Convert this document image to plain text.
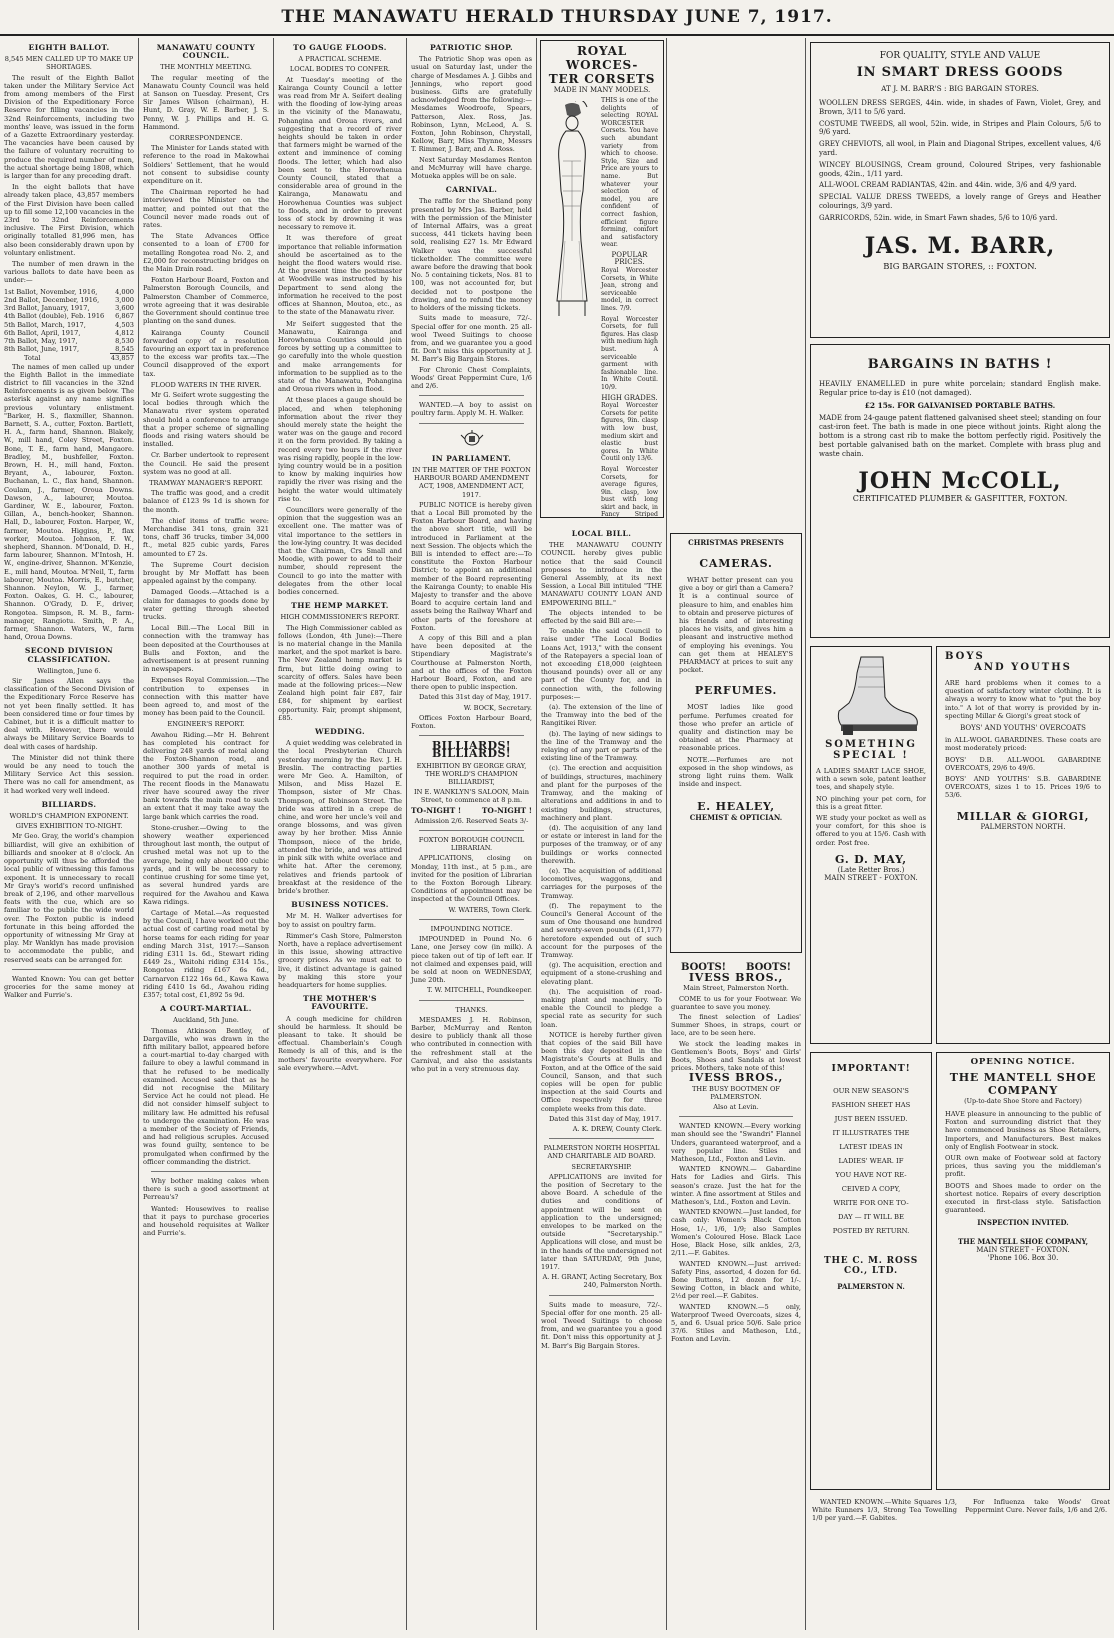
THE MANAWATU HERALD THURSDAY JUNE 7, 1917.
EIGHTH BALLOT.
8,545 MEN CALLED UP TO MAKE UP SHORTAGES.

The result of the Eighth Ballot taken under the Military Service Act from among members of the First Division of the Expeditionary Force Reserve for filling vacancies in the 32nd Reinforcements, including two months' leave, was issued in the form of a Gazette Extraordinary yesterday. The vacancies have been caused by the failure of voluntary recruiting to produce the required number of men, the actual shortage being 1808, which is larger than for any preceding draft.

In the eight ballots that have already taken place, 43,857 members of the First Division have been called up to fill some 12,100 vacancies in the 23rd to 32nd Reinforcements inclusive. The First Division, which originally totalled 81,996 men, has also been considerably drawn upon by voluntary enlistment.

The number of men drawn in the various ballots to date have been as under:—

1st Ballot, November, 1916,	4,000
2nd Ballot, December, 1916,	3,000
3rd Ballot, January, 1917,	3,600
4th Ballot (double), Feb. 1916	6,867
5th Ballot, March, 1917,	4,503
6th Ballot, April, 1917,	4,812
7th Ballot, May, 1917,	8,530
8th Ballot, June, 1917,	8,545
Total	43,857

The names of men called up under the Eighth Ballot in the immediate district to fill vacancies in the 32nd Reinforcements is as given below. The asterisk against any name signifies previous voluntary enlistment. "Barker, H. S., flaxmiller, Shannon. Barnett, S. A., cutter, Foxton. Bartlett, H. A., farm hand, Shannon. Blakely, W., mill hand, Coley Street, Foxton. Bone, T. E., farm hand, Mangaore. Bradley, M., bushfeller, Foxton. Brown, H. H., mill hand, Foxton. Bryant, A., labourer, Foxton. Buchanan, L. C., flax hand, Shannon. Coulam, J., farmer, Oroua Downs. Dawson, A., labourer, Moutoa. Gardiner, W. E., labourer, Foxton. Gillan, A., bench-hooker, Shannon. Hall, D., labourer, Foxton. Harper, W., farmer, Moutoa. Higgins, P., flax worker, Moutoa. Johnson, F. W., shepherd, Shannon. M'Donald, D. H., farm labourer, Shannon. M'Intosh, H. W., engine-driver, Shannon. M'Kenzie, E., mill hand, Moutoa. M'Neil, T., farm labourer, Moutoa. Morris, E., butcher, Shannon. Neylon, W. J., farmer, Foxton. Oakes, G. H. C., labourer, Shannon. O'Grady, D. F., driver, Rongotea. Simpson, R. M. B., farm-manager, Rangiotu. Smith, P. A., farmer, Shannon. Waters, W., farm hand, Oroua Downs.

SECOND DIVISION CLASSIFICATION.
Wellington, June 6.

Sir James Allen says the classification of the Second Division of the Expeditionary Force Reserve has not yet been finally settled. It has been considered time or four times by Cabinet, but it is a difficult matter to deal with. However, there would always be Military Service Boards to deal with cases of hardship.

The Minister did not think there would be any need to touch the Military Service Act this session. There was no call for amendment, as it had worked very well indeed.

BILLIARDS.
WORLD'S CHAMPION EXPONENT.
GIVES EXHIBITION TO-NIGHT.

Mr Geo. Gray, the world's champion billiardist, will give an exhibition of billiards and snooker at 8 o'clock. An opportunity will thus be afforded the local public of witnessing this famous exponent. It is unnecessary to recall Mr Gray's world's record unfinished break of 2,196, and other marvellous feats with the cue, which are so familiar to the public the wide world over. The Foxton public is indeed fortunate in this being afforded the opportunity of witnessing Mr Gray at play. Mr Wanklyn has made provision to accommodate the public, and reserved seats can be arranged for.

Wanted Known: You can get better groceries for the same money at Walker and Furrie's.

MANAWATU COUNTY COUNCIL.
THE MONTHLY MEETING.

The regular meeting of the Manawatu County Council was held at Sanson on Tuesday. Present, Crs Sir James Wilson (chairman), H. Hunt, D. Gray, W. E. Barber, J. S. Penny, W. J. Phillips and H. G. Hammond.

CORRESPONDENCE.

The Minister for Lands stated with reference to the road in Makowhai Soldiers' Settlement, that he would not consent to subsidise county expenditure on it.

The Chairman reported he had interviewed the Minister on the matter, and pointed out that the Council never made roads out of rates.

The State Advances Office consented to a loan of £700 for metalling Rongotea road No. 2, and £2,000 for reconstructing bridges on the Main Drain road.

Foxton Harbour Board, Foxton and Palmerston Borough Councils, and Palmerston Chamber of Commerce, wrote agreeing that it was desirable the Government should continue tree planting on the sand dunes.

Kairanga County Council forwarded copy of a resolution favouring an export tax in preference to the excess war profits tax.—The Council disapproved of the export tax.

FLOOD WATERS IN THE RIVER.

Mr G. Seifert wrote suggesting the local bodies through which the Manawatu river system operated should hold a conference to arrange that a proper scheme of signalling floods and rising waters should be installed.

Cr. Barber undertook to represent the Council. He said the present system was no good at all.

TRAMWAY MANAGER'S REPORT.

The traffic was good, and a credit balance of £123 9s 1d is shown for the month.

The chief items of traffic were: Merchandise 341 tons, grain 321 tons, chaff 36 trucks, timber 34,000 ft., metal 825 cubic yards, Fares amounted to £7 2s.

The Supreme Court decision brought by Mr Moffatt has been appealed against by the company.

Damaged Goods.—Attached is a claim for damages to goods done by water getting through sheeted trucks.

Local Bill.—The Local Bill in connection with the tramway has been deposited at the Courthouses at Bulls and Foxton, and the advertisement is at present running in newspapers.

Expenses Royal Commission.—The contribution to expenses in connection with this matter have been agreed to, and most of the money has been paid to the Council.

ENGINEER'S REPORT.

Awahou Riding.—Mr H. Behrent has completed his contract for delivering 248 yards of metal along the Foxton-Shannon road, and another 300 yards of metal is required to put the road in order. The recent floods in the Manawatu river have scoured away the river bank towards the main road to such an extent that it may take away the large bank which carries the road.

Stone-crusher.—Owing to the showery weather experienced throughout last month, the output of crushed metal was not up to the average, being only about 800 cubic yards, and it will be necessary to continue crushing for some time yet, as several hundred yards are required for the Awahou and Kawa Kawa ridings.

Cartage of Metal.—As requested by the Council, I have worked out the actual cost of carting road metal by horse teams for each riding for year ending March 31st, 1917:—Sanson riding £311 1s. 6d., Stewart riding £449 2s., Waitohi riding £314 15s., Rongotea riding £167 6s 6d., Carnarvon £122 16s 6d., Kawa Kawa riding £410 1s 6d., Awahou riding £357; total cost, £1,892 5s 9d.

A COURT-MARTIAL.
Auckland, 5th June.

Thomas Atkinson Bentley, of Dargaville, who was drawn in the fifth military ballot, appeared before a court-martial to-day charged with failure to obey a lawful command in that he refused to be medically examined. Accused said that as he did not recognise the Military Service Act he could not plead. He did not consider himself subject to military law. He admitted his refusal to undergo the examination. He was a member of the Society of Friends, and had religious scruples. Accused was found guilty, sentence to be promulgated when confirmed by the officer commanding the district.

Why bother making cakes when there is such a good assortment at Perreau's?

Wanted: Housewives to realise that it pays to purchase groceries and household requisites at Walker and Furrie's.

TO GAUGE FLOODS.
A PRACTICAL SCHEME.
LOCAL BODIES TO CONFER.

At Tuesday's meeting of the Kairanga County Council a letter was read from Mr A. Seifert dealing with the flooding of low-lying areas in the vicinity of the Manawatu, Pohangina and Oroua rivers, and suggesting that a record of river heights should be taken in order that farmers might be warned of the extent and imminence of coming floods. The letter, which had also been sent to the Horowhenua County Council, stated that a considerable area of ground in the Kairanga, Manawatu and Horowhenua Counties was subject to floods, and in order to prevent loss of stock by drowning it was necessary to remove it.

It was therefore of great importance that reliable information should be ascertained as to the height the flood waters would rise. At the present time the postmaster at Woodville was instructed by his Department to send along the information he received to the post offices at Shannon, Moutoa, etc., as to the state of the Manawatu river.

Mr Seifert suggested that the Manawatu, Kairanga and Horowhenua Counties should join forces by setting up a committee to go carefully into the whole question and make arrangements for information to be supplied as to the state of the Manawatu, Pohangina and Oroua rivers when in flood.

At these places a gauge should be placed, and when telephoning information about the river they should merely state the height the water was on the gauge and record it on the form provided. By taking a record every two hours if the river was rising rapidly, people in the low-lying country would be in a position to know by making inquiries how rapidly the river was rising and the height the water would ultimately rise to.

Councillors were generally of the opinion that the suggestion was an excellent one. The matter was of vital importance to the settlers in the low-lying country. It was decided that the Chairman, Crs Small and Moodie, with power to add to their number, should represent the Council to go into the matter with delegates from the other local bodies concerned.

THE HEMP MARKET.
HIGH COMMISSIONER'S REPORT.

The High Commissioner cabled as follows (London, 4th June):—There is no material change in the Manila market, and the spot market is bare. The New Zealand hemp market is firm, but little doing owing to scarcity of offers. Sales have been made at the following prices:—New Zealand high point fair £87, fair £84, for shipment by earliest opportunity. Fair, prompt shipment, £85.

WEDDING.

A quiet wedding was celebrated in the local Presbyterian Church yesterday morning by the Rev. J. H. Breslin. The contracting parties were Mr Geo. A. Hamilton, of Milson, and Miss Hazel E. Thompson, sister of Mr Chas. Thompson, of Robinson Street. The bride was attired in a crepe de chine, and wore her uncle's veil and orange blossoms, and was given away by her brother. Miss Annie Thompson, niece of the bride, attended the bride, and was attired in pink silk with white overlace and white hat. After the ceremony, relatives and friends partook of breakfast at the residence of the bride's brother.

BUSINESS NOTICES.

Mr M. H. Walker advertises for boy to assist on poultry farm.

Rimmer's Cash Store, Palmerston North, have a replace advertisement in this issue, showing attractive grocery prices. As we must eat to live, it distinct advantage is gained by making this store your headquarters for home supplies.

THE MOTHER'S FAVOURITE.

A cough medicine for children should be harmless. It should be pleasant to take. It should be effectual. Chamberlain's Cough Remedy is all of this, and is the mothers' favourite everywhere. For sale everywhere.—Advt.

PATRIOTIC SHOP.

The Patriotic Shop was open as usual on Saturday last, under the charge of Mesdames A. J. Gibbs and Jennings, who report good business. Gifts are gratefully acknowledged from the following:—Mesdames Woodroofe, Spears, Patterson, Alex. Ross, Jas. Robinson, Lynn, McLeod, A. S. Foxton, John Robinson, Chrystall, Kellow, Barr, Miss Thynne, Messrs T. Rimmer, J. Barr, and A. Ross.

Next Saturday Mesdames Renton and McMurray will have charge. Motueka apples will be on sale.

CARNIVAL.

The raffle for the Shetland pony presented by Mrs Jas. Barber, held with the permission of the Minister of Internal Affairs, was a great success, 441 tickets having been sold, realising £27 1s. Mr Edward Walker was the successful ticketholder. The committee were aware before the drawing that book No. 5 containing tickets, Nos. 81 to 100, was not accounted for, but decided not to postpone the drawing, and to refund the money to holders of the missing tickets.

Suits made to measure, 72/-. Special offer for one month. 25 all-wool Tweed Suitings to choose from, and we guarantee you a good fit. Don't miss this opportunity at J. M. Barr's Big Bargain Stores.

For Chronic Chest Complaints, Woods' Great Peppermint Cure, 1/6 and 2/6.

WANTED.—A boy to assist on poultry farm. Apply M. H. Walker.

IN PARLIAMENT.
IN THE MATTER OF THE FOXTON HARBOUR BOARD AMENDMENT ACT, 1908, AMENDMENT ACT, 1917.

PUBLIC NOTICE is hereby given that a Local Bill promoted by the Foxton Harbour Board, and having the above short title, will be introduced in Parliament at the next Session. The objects which the Bill is intended to effect are:—To constitute the Foxton Harbour District; to appoint an additional member of the Board representing the Kairanga County; to enable His Majesty to transfer and the above Board to acquire certain land and assets being the Railway Wharf and other parts of the foreshore at Foxton.

A copy of this Bill and a plan have been deposited at the Stipendiary Magistrate's Courthouse at Palmerston North, and at the offices of the Foxton Harbour Board, Foxton, and are there open to public inspection.

Dated this 31st day of May, 1917.

W. BOCK, Secretary.

Offices Foxton Harbour Board, Foxton.

BILLIARDS! BILLIARDS!
EXHIBITION BY GEORGE GRAY, THE WORLD'S CHAMPION BILLIARDIST,
IN E. WANKLYN'S SALOON, Main Street, to commence at 8 p.m.
TO-NIGHT !	TO-NIGHT !
Admission 2/6. Reserved Seats 3/-
FOXTON BOROUGH COUNCIL LIBRARIAN.

APPLICATIONS, closing on Monday, 11th inst., at 5 p.m., are invited for the position of Librarian to the Foxton Borough Library. Conditions of appointment may be inspected at the Council Offices.

W. WATERS, Town Clerk.
IMPOUNDING NOTICE.

IMPOUNDED in Pound No. 6 Lane, one Jersey cow (in milk). A piece taken out of tip of left ear. If not claimed and expenses paid, will be sold at noon on WEDNESDAY, June 20th.

T. W. MITCHELL, Poundkeeper.
THANKS.

MESDAMES J. H. Robinson, Barber, McMurray and Renton desire to publicly thank all those who contributed in connection with the refreshment stall at the Carnival, and also the assistants who put in a very strenuous day.

ROYAL WORCES-
TER CORSETS
MADE IN MANY MODELS.

THIS is one of the delights of selecting ROYAL WORCESTER Corsets. You have such abundant variety from which to choose. Style, Size and Price are yours to name. But whatever your selection of model, you are confident of correct fashion, efficient figure forming, comfort and satisfactory wear.

POPULAR PRICES.

Royal Worcester Corsets, in White Jean, strong and serviceable model, in correct lines. 7/9.

Royal Worcester Corsets, for full figures. Has clasp with medium high bust. A serviceable garment with fashionable line. In White Coutil. 10/9.

HIGH GRADES.

Royal Worcester Corsets for petite figures, 9in. clasp with low bust, medium skirt and elastic bust gores. In White Coutil only 13/6.

Royal Worcester Corsets, for average figures, 9in. clasp, low bust with long skirt and back, in Fancy Striped

LOCAL BILL.

THE MANAWATU COUNTY COUNCIL hereby gives public notice that the said Council proposes to introduce in the General Assembly, at its next Session, a Local Bill intituled "THE MANAWATU COUNTY LOAN AND EMPOWERING BILL."

The objects intended to be effected by the said Bill are:—

To enable the said Council to raise under "The Local Bodies Loans Act, 1913," with the consent of the Ratepayers a special loan of not exceeding £18,000 (eighteen thousand pounds) over all or any part of the County for, and in connection with, the following purposes:—

(a). The extension of the line of the Tramway into the bed of the Rangitikei River.

(b). The laying of new sidings to the line of the Tramway and the relaying of any part or parts of the existing line of the Tramway.

(c). The erection and acquisition of buildings, structures, machinery and plant for the purposes of the Tramway, and the making of alterations and additions in and to existing buildings, structures, machinery and plant.

(d). The acquisition of any land or estate or interest in land for the purposes of the tramway, or of any buildings or works connected therewith.

(e). The acquisition of additional locomotives, waggons, and carriages for the purposes of the Tramway.

(f). The repayment to the Council's General Account of the sum of One thousand one hundred and seventy-seven pounds (£1,177) heretofore expended out of such account for the purposes of the Tramway.

(g). The acquisition, erection and equipment of a stone-crushing and elevating plant.

(h). The acquisition of road-making plant and machinery. To enable the Council to pledge a special rate as security for such loan.

NOTICE is hereby further given that copies of the said Bill have been this day deposited in the Magistrate's Courts at Bulls and Foxton, and at the Office of the said Council, Sanson, and that such copies will be open for public inspection at the said Courts and Office respectively for three complete weeks from this date.

Dated this 31st day of May, 1917.

A. K. DREW, County Clerk.
PALMERSTON NORTH HOSPITAL AND CHARITABLE AID BOARD.
SECRETARYSHIP.

APPLICATIONS are invited for the position of Secretary to the above Board. A schedule of the duties and conditions of appointment will be sent on application to the undersigned; envelopes to be marked on the outside "Secretaryship." Applications will close, and must be in the hands of the undersigned not later than SATURDAY, 9th June, 1917.

A. H. GRANT, Acting Secretary, Box 240, Palmerston North.

Suits made to measure, 72/-. Special offer for one month. 25 all-wool Tweed Suitings to choose from, and we guarantee you a good fit. Don't miss this opportunity at J. M. Barr's Big Bargain Stores.

CHRISTMAS PRESENTS
CAMERAS.

WHAT better present can you give a boy or girl than a Camera? It is a continual source of pleasure to him, and enables him to obtain and preserve pictures of his friends and of interesting places he visits, and gives him a pleasant and instructive method of employing his evenings. You can get them at HEALEY'S PHARMACY at prices to suit any pocket.

PERFUMES.

MOST ladies like good perfume. Perfumes created for those who prefer an article of quality and distinction may be obtained at the Pharmacy at reasonable prices.

NOTE.—Perfumes are not exposed in the shop windows, as strong light ruins them. Walk inside and inspect.

E. HEALEY,
CHEMIST & OPTICIAN.
BOOTS! BOOTS!
IVESS BROS.,
Main Street, Palmerston North.

COME to us for your Footwear. We guarantee to save you money.

The finest selection of Ladies' Summer Shoes, in straps, court or lace, are to be seen here.

We stock the leading makes in Gentlemen's Boots, Boys' and Girls' Boots, Shoes and Sandals at lowest prices. Mothers, take note of this!

IVESS BROS.,
THE BUSY BOOTMEN OF PALMERSTON.
Also at Levin.

WANTED KNOWN.—Every working man should see the "Swandri" Flannel Unders, guaranteed waterproof, and a very popular line. Stiles and Matheson, Ltd., Foxton and Levin.

WANTED KNOWN.— Gabardine Hats for Ladies and Girls. This season's craze. Just the hat for the winter. A fine assortment at Stiles and Matheson's, Ltd., Foxton and Levin.

WANTED KNOWN.—Just landed, for cash only: Women's Black Cotton Hose, 1/-, 1/6, 1/9; also Samples Women's Coloured Hose. Black Lace Hose, Black Hose, silk ankles, 2/3, 2/11.—F. Gabites.

WANTED KNOWN.—Just arrived: Safety Pins, assorted, 4 dozen for 6d. Bone Buttons, 12 dozen for 1/-. Sewing Cotton, in black and white, 2½d per reel.—F. Gabites.

WANTED KNOWN.—5 only, Waterproof Tweed Overcoats, sizes 4, 5, and 6. Usual price 50/6. Sale price 37/6. Stiles and Matheson, Ltd., Foxton and Levin.

FOR QUALITY, STYLE AND VALUE
IN SMART DRESS GOODS
AT J. M. BARR'S : BIG BARGAIN STORES.

WOOLLEN DRESS SERGES, 44in. wide, in shades of Fawn, Violet, Grey, and Brown, 3/11 to 5/6 yard.

COSTUME TWEEDS, all wool, 52in. wide, in Stripes and Plain Colours, 5/6 to 9/6 yard.

GREY CHEVIOTS, all wool, in Plain and Diagonal Stripes, excellent values, 4/6 yard.

WINCEY BLOUSINGS, Cream ground, Coloured Stripes, very fashionable goods, 42in., 1/11 yard.

ALL-WOOL CREAM RADIANTAS, 42in. and 44in. wide, 3/6 and 4/9 yard.

SPECIAL VALUE DRESS TWEEDS, a lovely range of Greys and Heather colourings, 3/9 yard.

GARRICORDS, 52in. wide, in Smart Fawn shades, 5/6 to 10/6 yard.

JAS. M. BARR,
BIG BARGAIN STORES, :: FOXTON.
BARGAINS IN BATHS !

HEAVILY ENAMELLED in pure white porcelain; standard English make. Regular price to-day is £10 (not damaged).

£2 15s. FOR GALVANISED PORTABLE BATHS.

MADE from 24-gauge patent flattened galvanised sheet steel; standing on four cast-iron feet. The bath is made in one piece without joints. Right along the bottom is a strong cast rib to make the bottom perfectly rigid. Positively the best portable galvanised bath on the market. Complete with brass plug and waste chain.

JOHN McCOLL,
CERTIFICATED PLUMBER & GASFITTER, FOXTON.
SOMETHING
SPECIAL !

A LADIES SMART LACE SHOE, with a sewn sole, patent leather toes, and shapely style.

NO pinching your pet corn, for this is a great fitter.

WE study your pocket as well as your comfort, for this shoe is offered to you at 15/6. Cash with order. Post free.

G. D. MAY,
(Late Retter Bros.)
MAIN STREET - FOXTON.
BOYS
AND YOUTHS

ARE hard problems when it comes to a question of satisfactory winter clothing. It is always a worry to know what to "put the boy into." A lot of that worry is provided by in-specting Millar & Giorgi's great stock of

BOYS' AND YOUTHS' OVERCOATS

in ALL-WOOL GABARDINES. These coats are most moderately priced:

BOYS' D.B. ALL-WOOL GABARDINE OVERCOATS, 29/6 to 49/6.

BOYS' AND YOUTHS' S.B. GABARDINE OVERCOATS, sizes 1 to 15. Prices 19/6 to 53/6.

MILLAR & GIORGI,
PALMERSTON NORTH.
IMPORTANT!
OUR NEW SEASON'S
FASHION SHEET HAS
JUST BEEN ISSUED.
IT ILLUSTRATES THE
LATEST IDEAS IN
LADIES' WEAR. IF
YOU HAVE NOT RE-
CEIVED A COPY,
WRITE FOR ONE TO-
DAY — IT WILL BE
POSTED BY RETURN.
THE C. M. ROSS CO., LTD.
PALMERSTON N.
OPENING NOTICE.
THE MANTELL SHOE COMPANY
(Up-to-date Shoe Store and Factory)

HAVE pleasure in announcing to the public of Foxton and surrounding district that they have commenced business as Shoe Retailers, Importers, and Manufacturers. Best makes only of English Footwear in stock.

OUR own make of Footwear sold at factory prices, thus saving you the middleman's profit.

BOOTS and Shoes made to order on the shortest notice. Repairs of every description executed in first-class style. Satisfaction guaranteed.

INSPECTION INVITED.
THE MANTELL SHOE COMPANY,
MAIN STREET - FOXTON.
'Phone 106. Box 30.

WANTED KNOWN.—White Squares 1/3, White Runners 1/3, Strong Tea Towelling 1/0 per yard.—F. Gabites.

For Influenza take Woods' Great Peppermint Cure. Never fails, 1/6 and 2/6.
